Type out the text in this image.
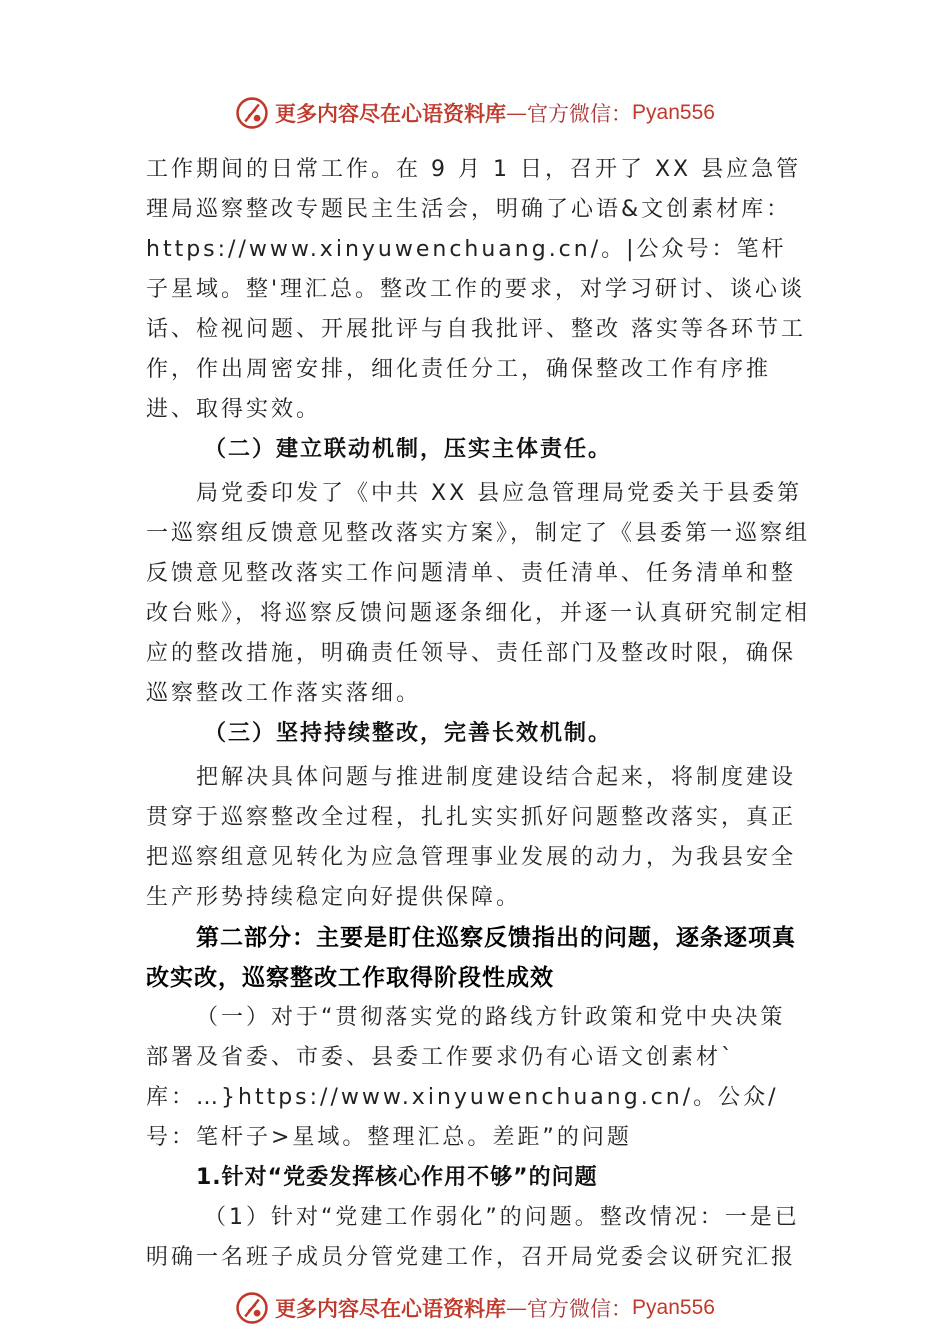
更多内容尽在心语资料库 — 官方微信： Pyan556

工作期间的日常工作。在 9 月 1 日，召开了 XX 县应急管理局巡察整改专题民主生活会，明确了心语&文创素材库：https://www.xinyuwenchuang.cn/。|公众号：笔杆子星域。整'理汇总。整改工作的要求，对学习研讨、谈心谈话、检视问题、开展批评与自我批评、整改 落实等各环节工作，作出周密安排，细化责任分工，确保整改工作有序推进、取得实效。

（二）建立联动机制，压实主体责任。

局党委印发了《中共 XX 县应急管理局党委关于县委第一巡察组反馈意见整改落实方案》，制定了《县委第一巡察组反馈意见整改落实工作问题清单、责任清单、任务清单和整改台账》，将巡察反馈问题逐条细化，并逐一认真研究制定相应的整改措施，明确责任领导、责任部门及整改时限，确保巡察整改工作落实落细。

（三）坚持持续整改，完善长效机制。

把解决具体问题与推进制度建设结合起来，将制度建设贯穿于巡察整改全过程，扎扎实实抓好问题整改落实，真正把巡察组意见转化为应急管理事业发展的动力，为我县安全生产形势持续稳定向好提供保障。

第二部分：主要是盯住巡察反馈指出的问题，逐条逐项真改实改，巡察整改工作取得阶段性成效

（一）对于“贯彻落实党的路线方针政策和党中央决策部署及省委、市委、县委工作要求仍有心语文创素材`库：…}https://www.xinyuwenchuang.cn/。公众/号：笔杆子>星域。整理汇总。差距”的问题

1.针对“党委发挥核心作用不够”的问题

（1）针对“党建工作弱化”的问题。整改情况：一是已明确一名班子成员分管党建工作，召开局党委会议研究汇报

更多内容尽在心语资料库 — 官方微信： Pyan556
